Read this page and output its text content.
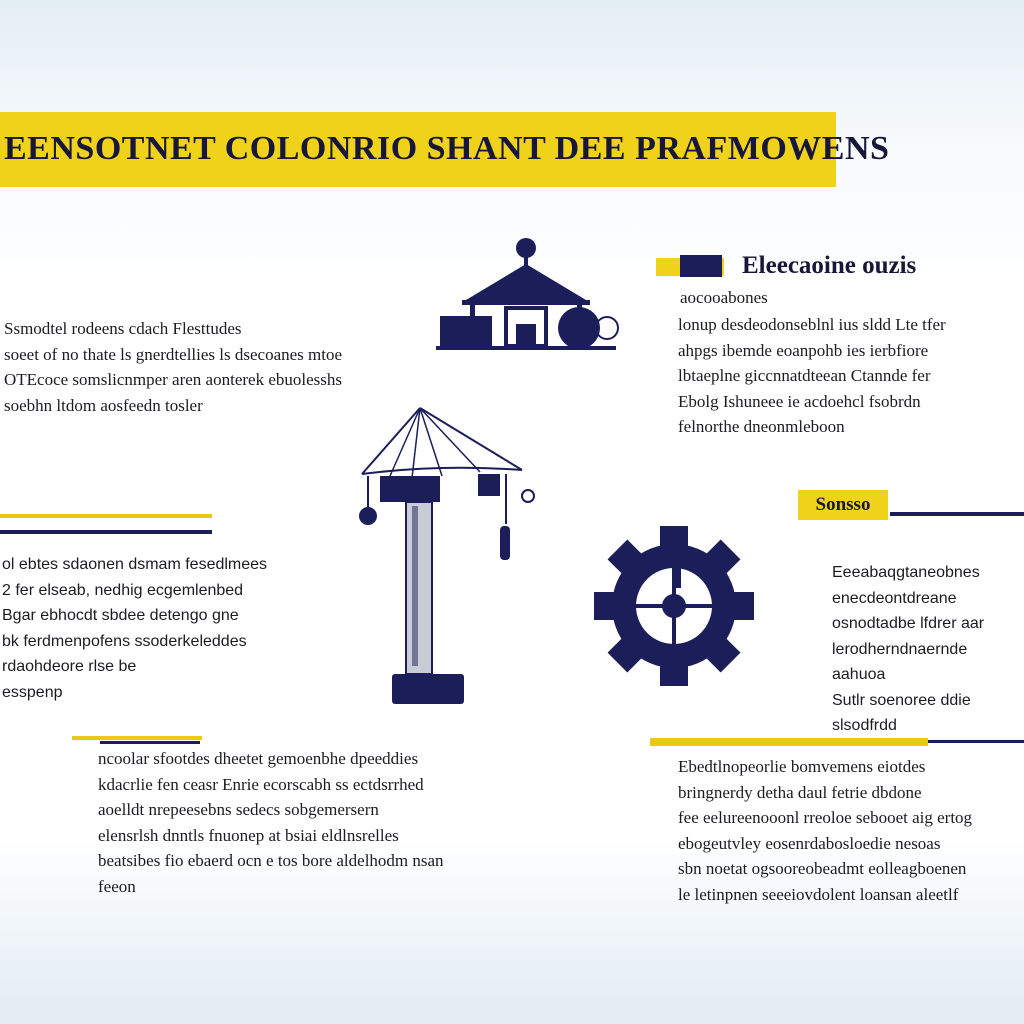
EENSOTNET COLONRIO SHANT DEE PRAFMOWENS
Ssmodtel rodeens cdach Flesttudes
soeet of no thate ls gnerdtellies ls dsecoanes mtoe OTEcoce somslicnmper aren aonterek ebuolesshs soebhn ltdom aosfeedn tosler
ol ebtes sdaonen dsmam fesedlmees
2 fer elseab, nedhig ecgemlenbed
Bgar ebhocdt sbdee detengo gne
bk ferdmenpofens ssoderkeleddes
rdaohdeore rlse be
esspenp
ncoolar sfootdes dheetet gemoenbhe dpeeddies
kdacrlie fen ceasr Enrie ecorscabh ss ectdsrrhed
aoelldt nrepeesebns sedecs sobgemersern
elensrlsh dnntls fnuonep at bsiai eldlnsrelles
beatsibes fio ebaerd ocn e tos bore aldelhodm nsan
feeon
Eleecaoine ouzis
aocooabones
lonup desdeodonseblnl ius sldd Lte tfer
ahpgs ibemde eoanpohb ies ierbfiore
lbtaeplne giccnnatdteean Ctannde fer
Ebolg Ishuneee ie acdoehcl fsobrdn
felnorthe dneonmleboon
Sonsso
Eeeabaqgtaneobnes
enecdeontdreane
osnodtadbe lfdrer aar
lerodherndnaernde aahuoa
Sutlr soenoree ddie
slsodfrdd
Ebedtlnopeorlie bomvemens eiotdes
bringnerdy detha daul fetrie dbdone
fee eelureenooonl rreoloe sebooet aig ertog
ebogeutvley eosenrdabosloedie nesoas
sbn noetat ogsooreobeadmt eolleagboenen
le letinpnen seeeiovdolent loansan aleetlf
